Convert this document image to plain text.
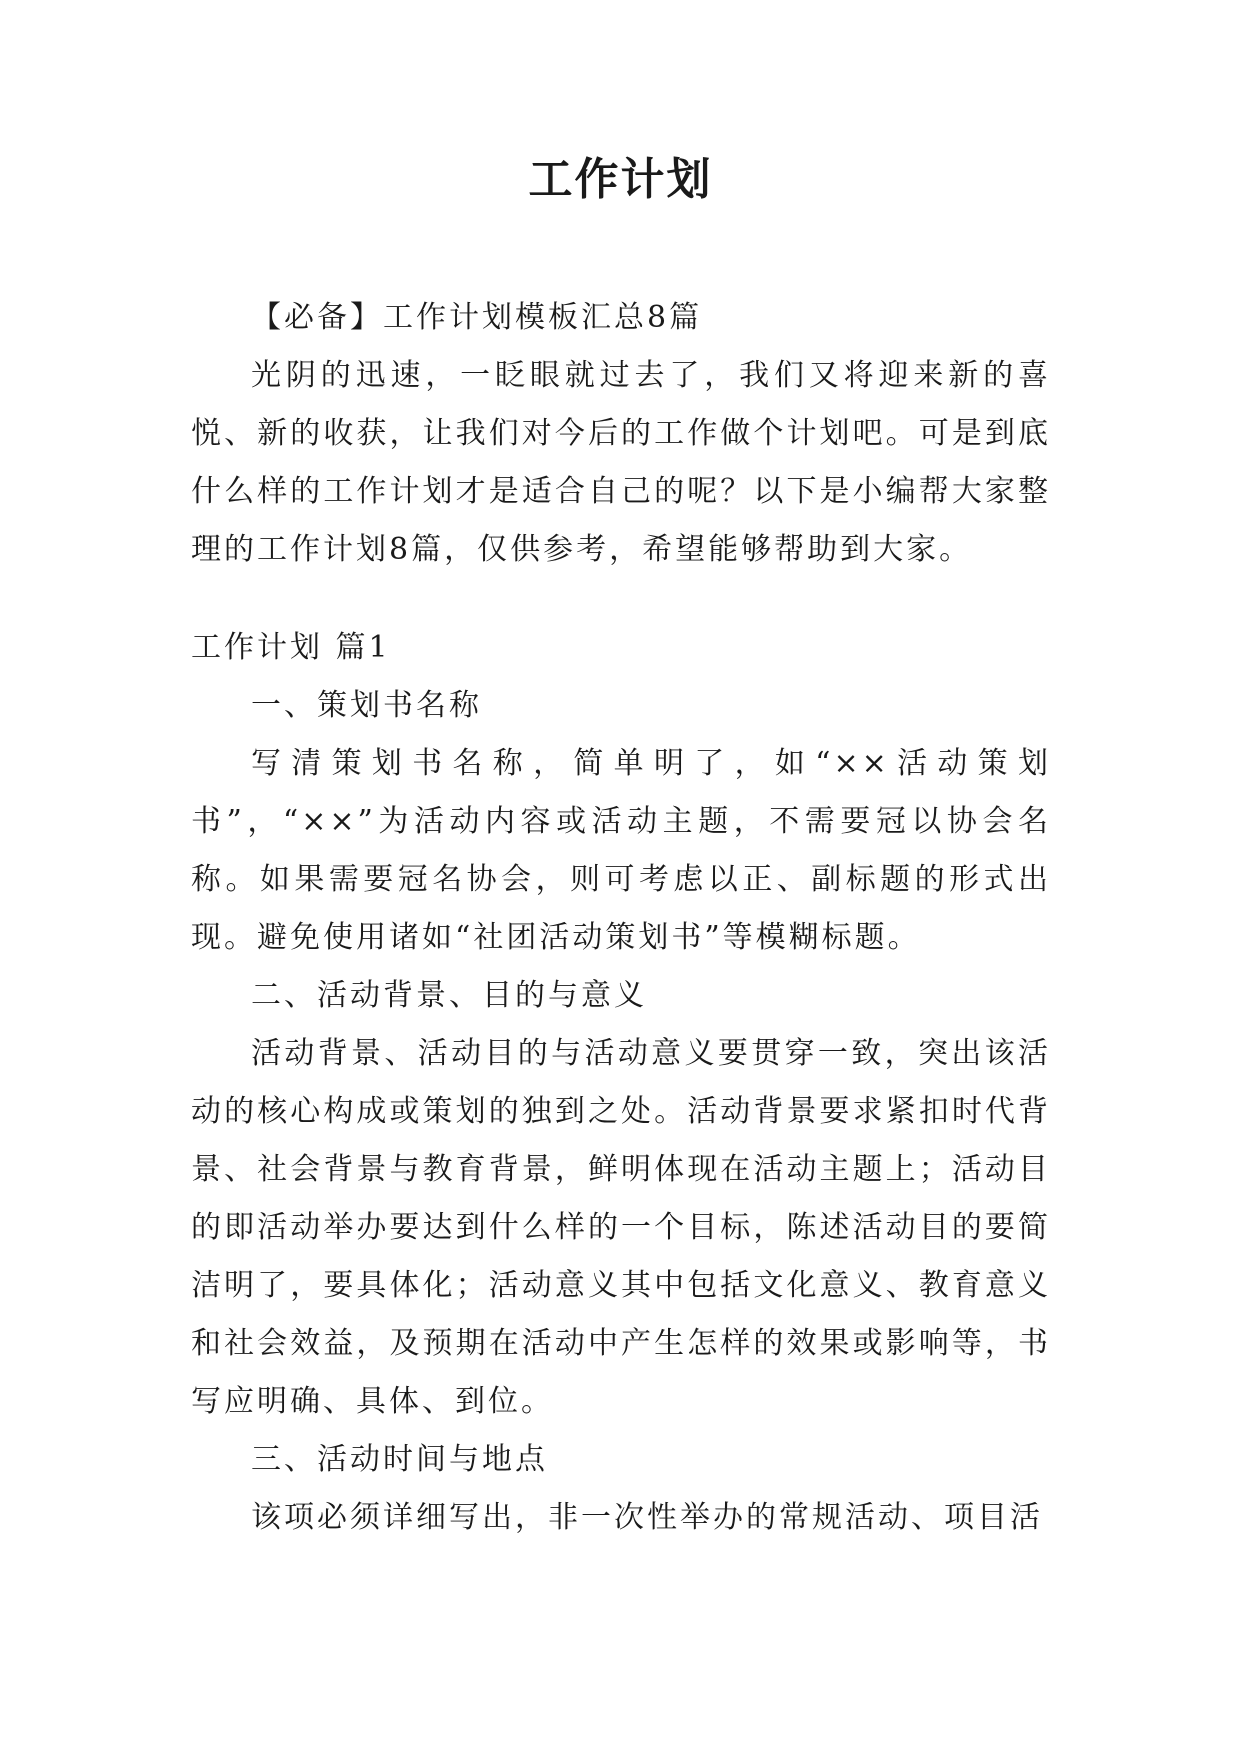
工作计划

【必备】工作计划模板汇总8篇

光阴的迅速，一眨眼就过去了，我们又将迎来新的喜悦、新的收获，让我们对今后的工作做个计划吧。可是到底什么样的工作计划才是适合自己的呢？以下是小编帮大家整理的工作计划8篇，仅供参考，希望能够帮助到大家。

工作计划 篇1

一、策划书名称

写清策划书名称，简单明了，如“××活动策划书”，“××”为活动内容或活动主题，不需要冠以协会名称。如果需要冠名协会，则可考虑以正、副标题的形式出现。避免使用诸如“社团活动策划书”等模糊标题。

二、活动背景、目的与意义

活动背景、活动目的与活动意义要贯穿一致，突出该活动的核心构成或策划的独到之处。活动背景要求紧扣时代背景、社会背景与教育背景，鲜明体现在活动主题上；活动目的即活动举办要达到什么样的一个目标，陈述活动目的要简洁明了，要具体化；活动意义其中包括文化意义、教育意义和社会效益，及预期在活动中产生怎样的效果或影响等，书写应明确、具体、到位。

三、活动时间与地点

该项必须详细写出，非一次性举办的常规活动、项目活
